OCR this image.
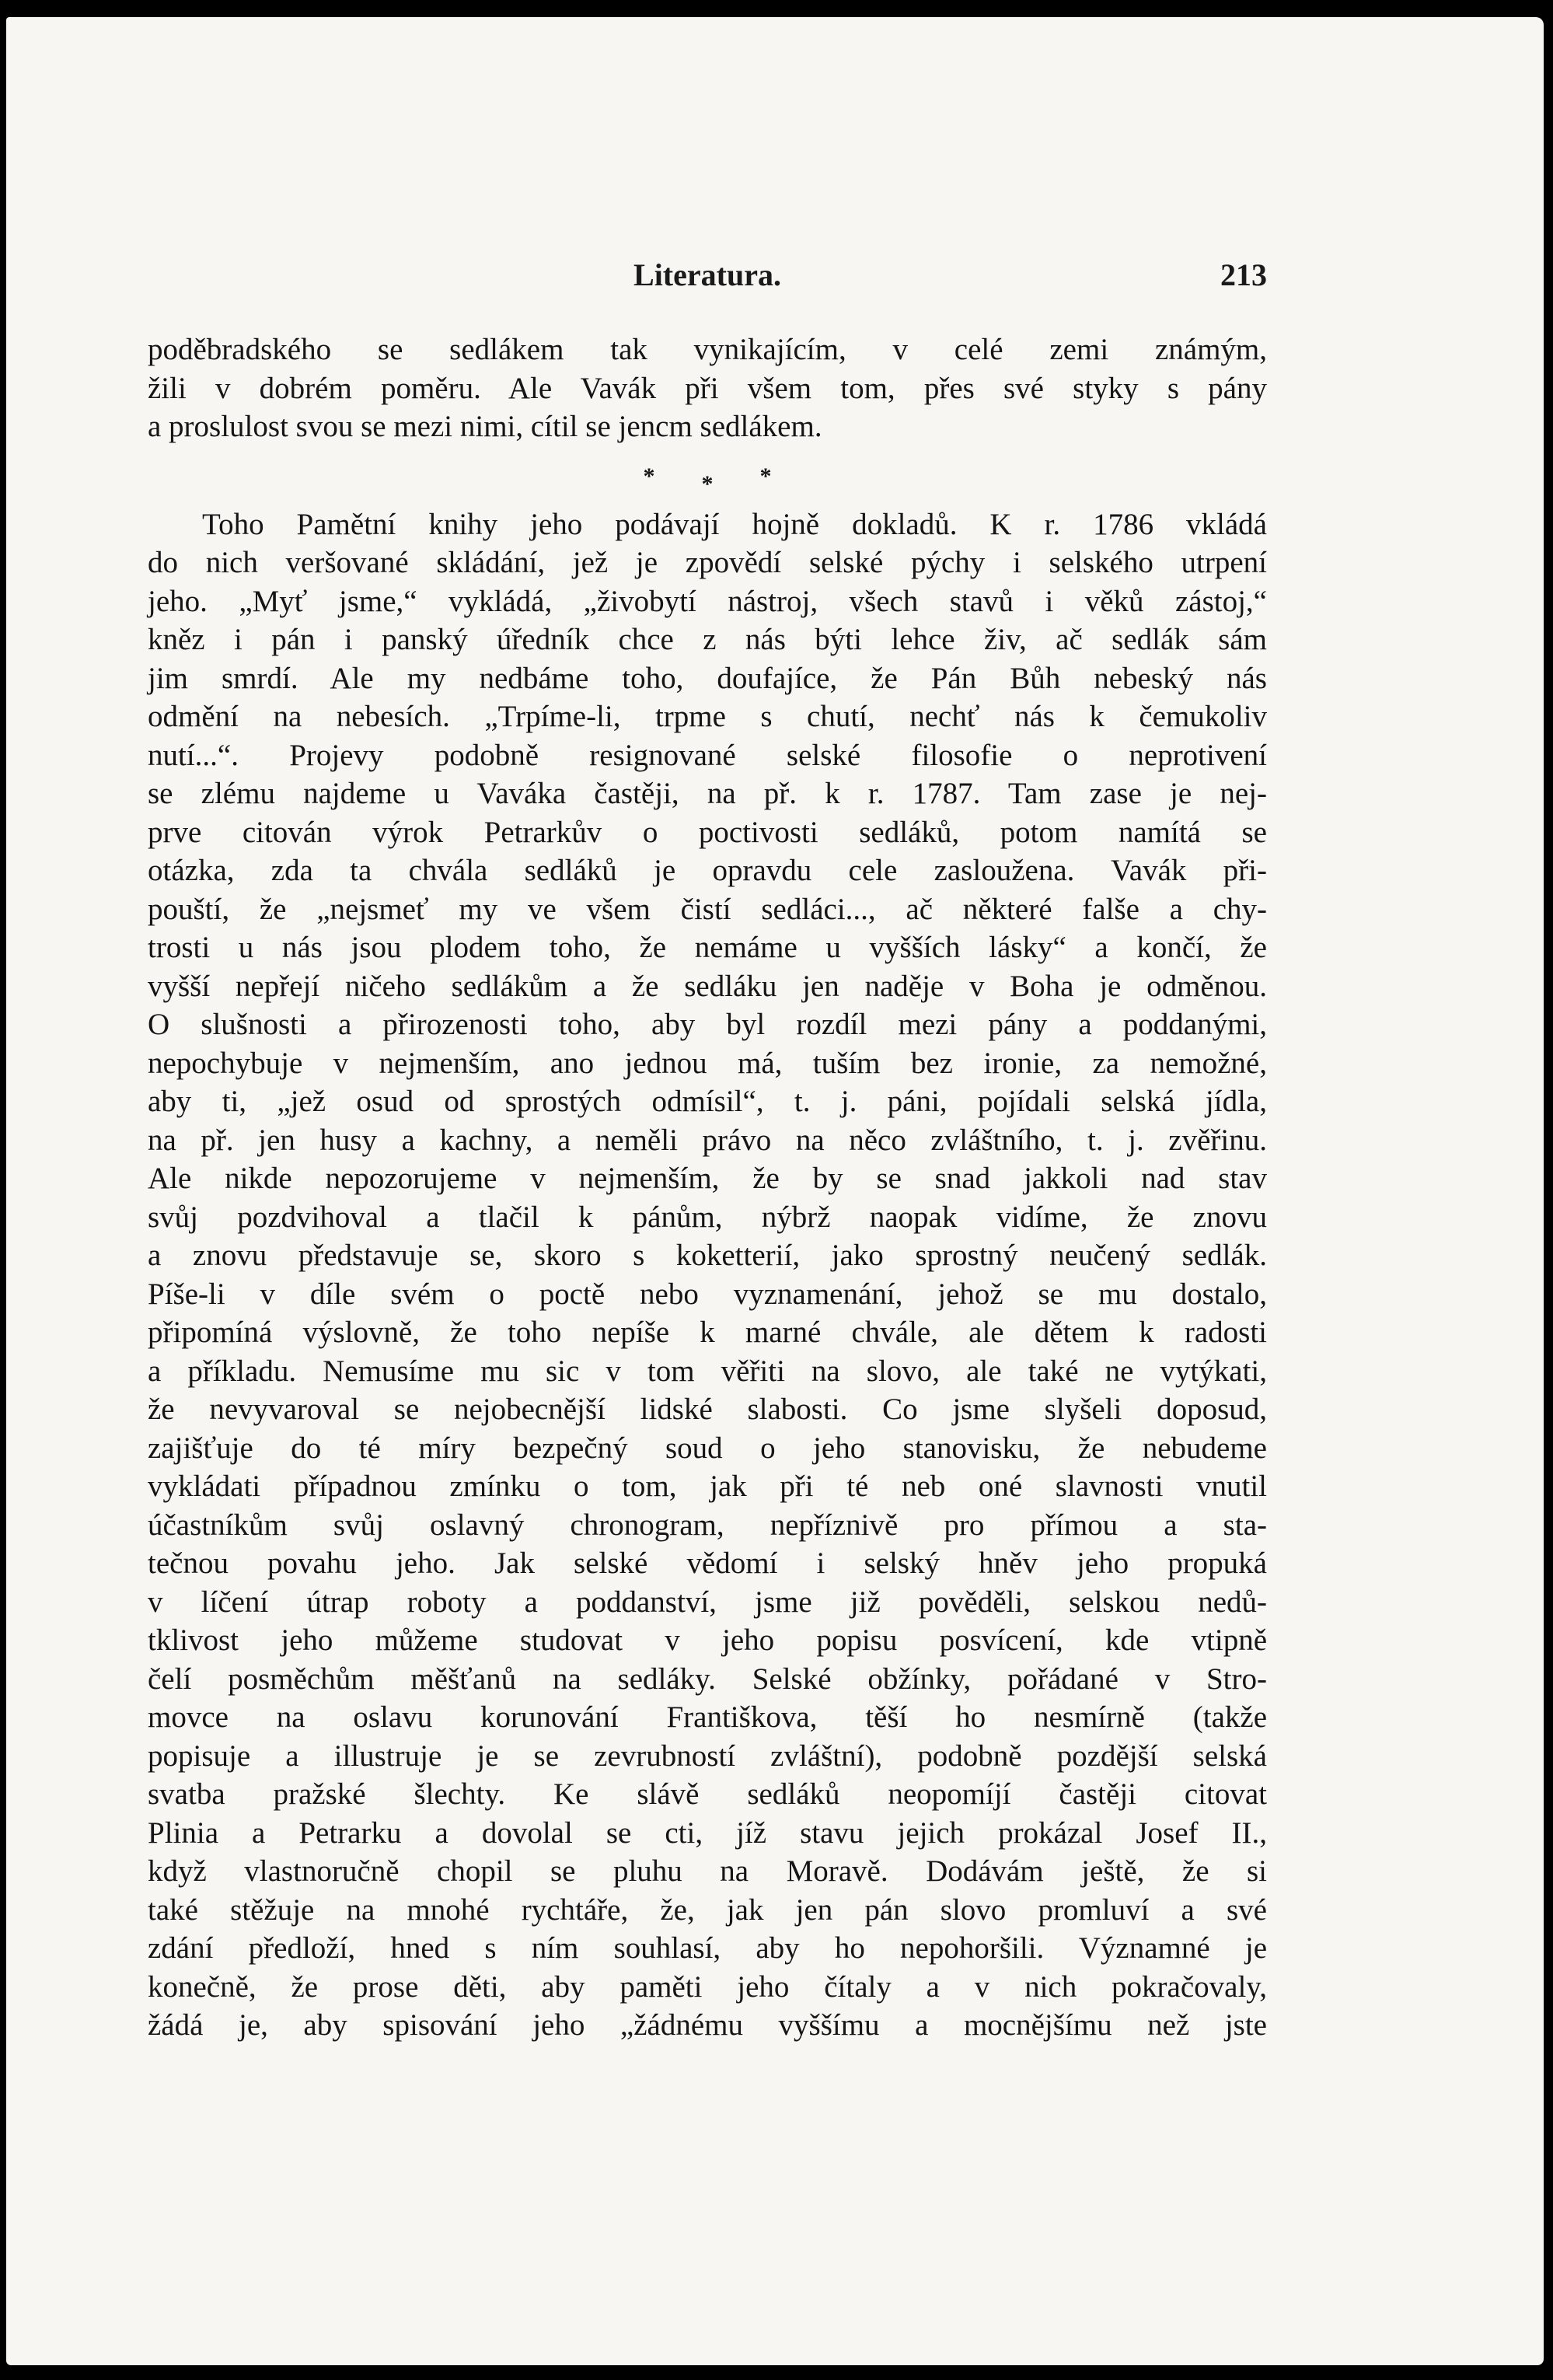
Literatura.	213
poděbradského se sedlákem tak vynikajícím, v celé zemi známým,
žili v dobrém poměru. Ale Vavák při všem tom, přes své styky s pány
a proslulost svou se mezi nimi, cítil se jencm sedlákem.
* * *
Toho Pamětní knihy jeho podávají hojně dokladů. K r. 1786 vkládá
do nich veršované skládání, jež je zpovědí selské pýchy i selského utrpení
jeho. „Myť jsme,“ vykládá, „živobytí nástroj, všech stavů i věků zástoj,“
kněz i pán i panský úředník chce z nás býti lehce živ, ač sedlák sám
jim smrdí. Ale my nedbáme toho, doufajíce, že Pán Bůh nebeský nás
odmění na nebesích. „Trpíme-li, trpme s chutí, nechť nás k čemukoliv
nutí...“. Projevy podobně resignované selské filosofie o neprotivení
se zlému najdeme u Vaváka častěji, na př. k r. 1787. Tam zase je nej-
prve citován výrok Petrarkův o poctivosti sedláků, potom namítá se
otázka, zda ta chvála sedláků je opravdu cele zasloužena. Vavák při-
pouští, že „nejsmeť my ve všem čistí sedláci..., ač některé falše a chy-
trosti u nás jsou plodem toho, že nemáme u vyšších lásky“ a končí, že
vyšší nepřejí ničeho sedlákům a že sedláku jen naděje v Boha je odměnou.
O slušnosti a přirozenosti toho, aby byl rozdíl mezi pány a poddanými,
nepochybuje v nejmenším, ano jednou má, tuším bez ironie, za nemožné,
aby ti, „jež osud od sprostých odmísil“, t. j. páni, pojídali selská jídla,
na př. jen husy a kachny, a neměli právo na něco zvláštního, t. j. zvěřinu.
Ale nikde nepozorujeme v nejmenším, že by se snad jakkoli nad stav
svůj pozdvihoval a tlačil k pánům, nýbrž naopak vidíme, že znovu
a znovu představuje se, skoro s koketterií, jako sprostný neučený sedlák.
Píše-li v díle svém o poctě nebo vyznamenání, jehož se mu dostalo,
připomíná výslovně, že toho nepíše k marné chvále, ale dětem k radosti
a příkladu. Nemusíme mu sic v tom věřiti na slovo, ale také ne vytýkati,
že nevyvaroval se nejobecnější lidské slabosti. Co jsme slyšeli doposud,
zajišťuje do té míry bezpečný soud o jeho stanovisku, že nebudeme
vykládati případnou zmínku o tom, jak při té neb oné slavnosti vnutil
účastníkům svůj oslavný chronogram, nepříznivě pro přímou a sta-
tečnou povahu jeho. Jak selské vědomí i selský hněv jeho propuká
v líčení útrap roboty a poddanství, jsme již pověděli, selskou nedů-
tklivost jeho můžeme studovat v jeho popisu posvícení, kde vtipně
čelí posměchům měšťanů na sedláky. Selské obžínky, pořádané v Stro-
movce na oslavu korunování Františkova, těší ho nesmírně (takže
popisuje a illustruje je se zevrubností zvláštní), podobně pozdější selská
svatba pražské šlechty. Ke slávě sedláků neopomíjí častěji citovat
Plinia a Petrarku a dovolal se cti, jíž stavu jejich prokázal Josef II.,
když vlastnoručně chopil se pluhu na Moravě. Dodávám ještě, že si
také stěžuje na mnohé rychtáře, že, jak jen pán slovo promluví a své
zdání předloží, hned s ním souhlasí, aby ho nepohoršili. Významné je
konečně, že prose děti, aby paměti jeho čítaly a v nich pokračovaly,
žádá je, aby spisování jeho „žádnému vyššímu a mocnějšímu než jste
